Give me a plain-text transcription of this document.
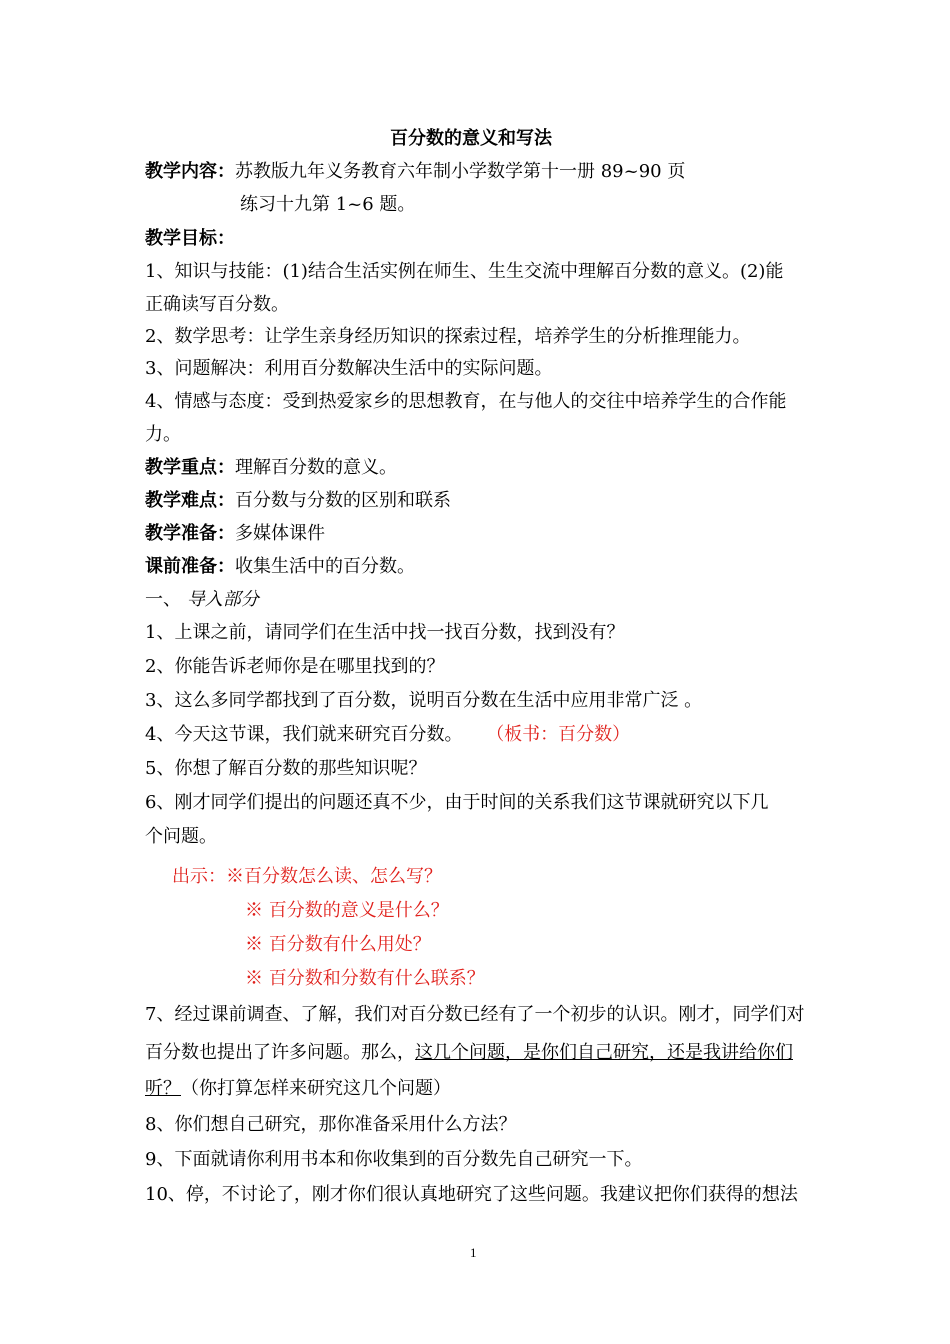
百分数的意义和写法
教学内容：苏教版九年义务教育六年制小学数学第十一册 89~90 页
练习十九第 1~6 题。
教学目标：
1、知识与技能：(1)结合生活实例在师生、生生交流中理解百分数的意义。(2)能
正确读写百分数。
2、数学思考：让学生亲身经历知识的探索过程，培养学生的分析推理能力。
3、问题解决：利用百分数解决生活中的实际问题。
4、情感与态度：受到热爱家乡的思想教育，在与他人的交往中培养学生的合作能
力。
教学重点：理解百分数的意义。
教学难点：百分数与分数的区别和联系
教学准备：多媒体课件
课前准备：收集生活中的百分数。
一、 导入部分
1、上课之前，请同学们在生活中找一找百分数，找到没有？
2、你能告诉老师你是在哪里找到的？
3、这么多同学都找到了百分数，说明百分数在生活中应用非常广泛 。
4、今天这节课，我们就来研究百分数。 （板书：百分数）
5、你想了解百分数的那些知识呢？
6、刚才同学们提出的问题还真不少，由于时间的关系我们这节课就研究以下几
个问题。
出示：※百分数怎么读、怎么写？
※ 百分数的意义是什么？
※ 百分数有什么用处？
※ 百分数和分数有什么联系？
7、经过课前调查、了解，我们对百分数已经有了一个初步的认识。刚才，同学们对
百分数也提出了许多问题。那么，这几个问题，是你们自己研究，还是我讲给你们
听？（你打算怎样来研究这几个问题）
8、你们想自己研究，那你准备采用什么方法？
9、下面就请你利用书本和你收集到的百分数先自己研究一下。
10、停，不讨论了，刚才你们很认真地研究了这些问题。我建议把你们获得的想法
1
